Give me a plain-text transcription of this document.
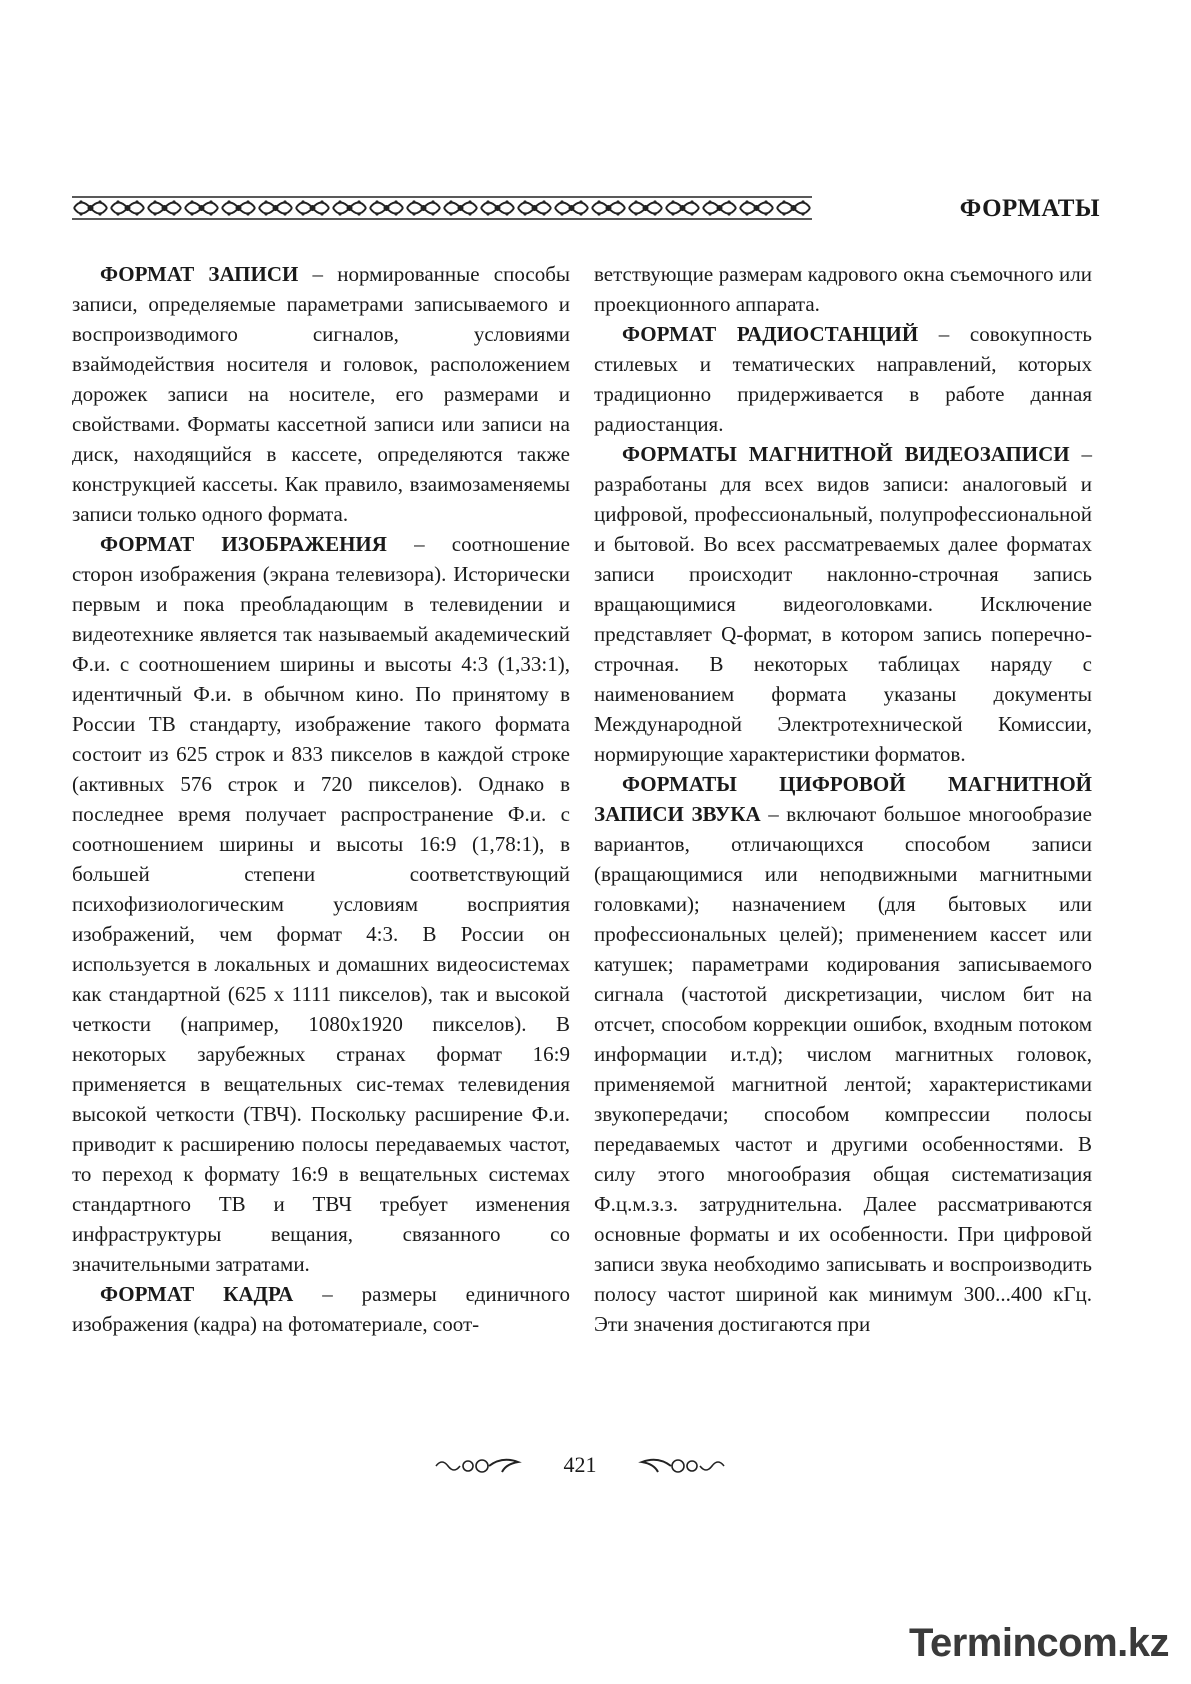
ФОРМАТЫ

ФОРМАТ ЗАПИСИ – нормированные способы записи, определяемые параметрами записываемого и воспроизводимого сигналов, условиями взаймодействия носителя и головок, расположением дорожек записи на носителе, его размерами и свойствами. Форматы кассетной записи или записи на диск, находящийся в кассете, определяются также конструкцией кассеты. Как правило, взаимозаменяемы записи только одного формата.

ФОРМАТ ИЗОБРАЖЕНИЯ – соотношение сторон изображения (экрана телевизора). Исторически первым и пока преобладающим в телевидении и видеотехнике является так называемый академический Ф.и. с соотношением ширины и высоты 4:3 (1,33:1), идентичный Ф.и. в обычном кино. По принятому в России ТВ стандарту, изображение такого формата состоит из 625 строк и 833 пикселов в каждой строке (активных 576 строк и 720 пикселов). Однако в последнее время получает распространение Ф.и. с соотношением ширины и высоты 16:9 (1,78:1), в большей степени соответствующий психофизиологическим условиям восприятия изображений, чем формат 4:3. В России он используется в локальных и домашних видеосистемах как стандартной (625 х 1111 пикселов), так и высокой четкости (например, 1080х1920 пикселов). В некоторых зарубежных странах формат 16:9 применяется в вещательных сис-темах телевидения высокой четкости (ТВЧ). Поскольку расширение Ф.и. приводит к расширению полосы передаваемых частот, то переход к формату 16:9 в вещательных системах стандартного ТВ и ТВЧ требует изменения инфраструктуры вещания, связанного со значительными затратами.

ФОРМАТ КАДРА – размеры единичного изображения (кадра) на фотоматериале, соот-

ветствующие размерам кадрового окна съемочного или проекционного аппарата.

ФОРМАТ РАДИОСТАНЦИЙ – совокупность стилевых и тематических направлений, которых традиционно придерживается в работе данная радиостанция.

ФОРМАТЫ МАГНИТНОЙ ВИДЕОЗАПИСИ – разработаны для всех видов записи: аналоговый и цифровой, профессиональный, полупрофессиональной и бытовой. Во всех рассматреваемых далее форматах записи происходит наклонно-строчная запись вращающимися видеоголовками. Исключение представляет Q-формат, в котором запись поперечно-строчная. В некоторых таблицах наряду с наименованием формата указаны документы Международной Электротехнической Комиссии, нормирующие характеристики форматов.

ФОРМАТЫ ЦИФРОВОЙ МАГНИТНОЙ ЗАПИСИ ЗВУКА – включают большое многообразие вариантов, отличающихся способом записи (вращающимися или неподвижными магнитными головками); назначением (для бытовых или профессиональных целей); применением кассет или катушек; параметрами кодирования записываемого сигнала (частотой дискретизации, числом бит на отсчет, способом коррекции ошибок, входным потоком информации и.т.д); числом магнитных головок, применяемой магнитной лентой; характеристиками звукопередачи; способом компрессии полосы передаваемых частот и другими особенностями. В силу этого многообразия общая систематизация Ф.ц.м.з.з. затруднительна. Далее рассматриваются основные форматы и их особенности. При цифровой записи звука необходимо записывать и воспроизводить полосу частот шириной как минимум 300...400 кГц. Эти значения достигаются при

421
Termincom.kz
